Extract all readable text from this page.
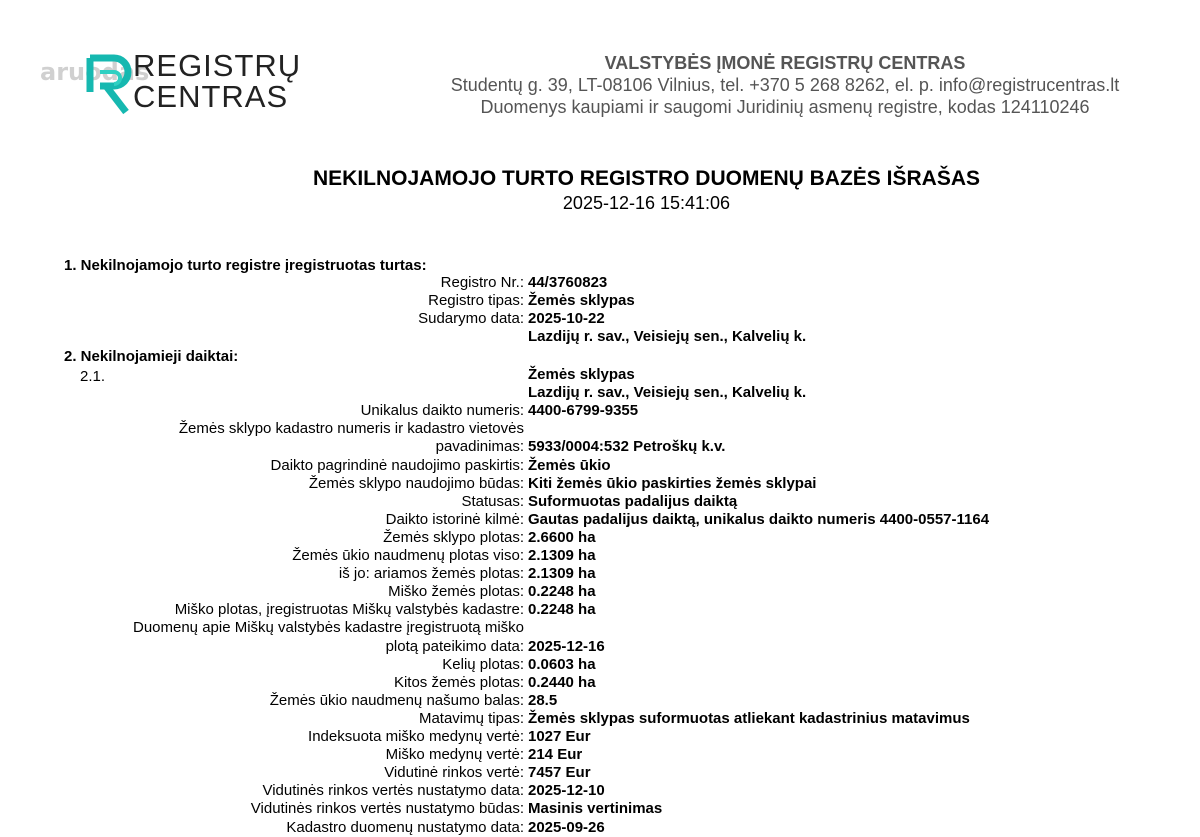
aruodas
REGISTRŲ
CENTRAS
VALSTYBĖS ĮMONĖ REGISTRŲ CENTRAS
Studentų g. 39, LT-08106 Vilnius, tel. +370 5 268 8262, el. p. info@registrucentras.lt
Duomenys kaupiami ir saugomi Juridinių asmenų registre, kodas 124110246
NEKILNOJAMOJO TURTO REGISTRO DUOMENŲ BAZĖS IŠRAŠAS
2025-12-16 15:41:06
1. Nekilnojamojo turto registre įregistruotas turtas:
Registro Nr.: 44/3760823
Registro tipas: Žemės sklypas
Sudarymo data: 2025-10-22
Lazdijų r. sav., Veisiejų sen., Kalvelių k.
2. Nekilnojamieji daiktai:
2.1.	Žemės sklypas
Lazdijų r. sav., Veisiejų sen., Kalvelių k.
Unikalus daikto numeris: 4400-6799-9355
Žemės sklypo kadastro numeris ir kadastro vietovės
pavadinimas: 5933/0004:532 Petroškų k.v.
Daikto pagrindinė naudojimo paskirtis: Žemės ūkio
Žemės sklypo naudojimo būdas: Kiti žemės ūkio paskirties žemės sklypai
Statusas: Suformuotas padalijus daiktą
Daikto istorinė kilmė: Gautas padalijus daiktą, unikalus daikto numeris 4400-0557-1164
Žemės sklypo plotas: 2.6600 ha
Žemės ūkio naudmenų plotas viso: 2.1309 ha
iš jo: ariamos žemės plotas: 2.1309 ha
Miško žemės plotas: 0.2248 ha
Miško plotas, įregistruotas Miškų valstybės kadastre: 0.2248 ha
Duomenų apie Miškų valstybės kadastre įregistruotą miško
plotą pateikimo data: 2025-12-16
Kelių plotas: 0.0603 ha
Kitos žemės plotas: 0.2440 ha
Žemės ūkio naudmenų našumo balas: 28.5
Matavimų tipas: Žemės sklypas suformuotas atliekant kadastrinius matavimus
Indeksuota miško medynų vertė: 1027 Eur
Miško medynų vertė: 214 Eur
Vidutinė rinkos vertė: 7457 Eur
Vidutinės rinkos vertės nustatymo data: 2025-12-10
Vidutinės rinkos vertės nustatymo būdas: Masinis vertinimas
Kadastro duomenų nustatymo data: 2025-09-26
